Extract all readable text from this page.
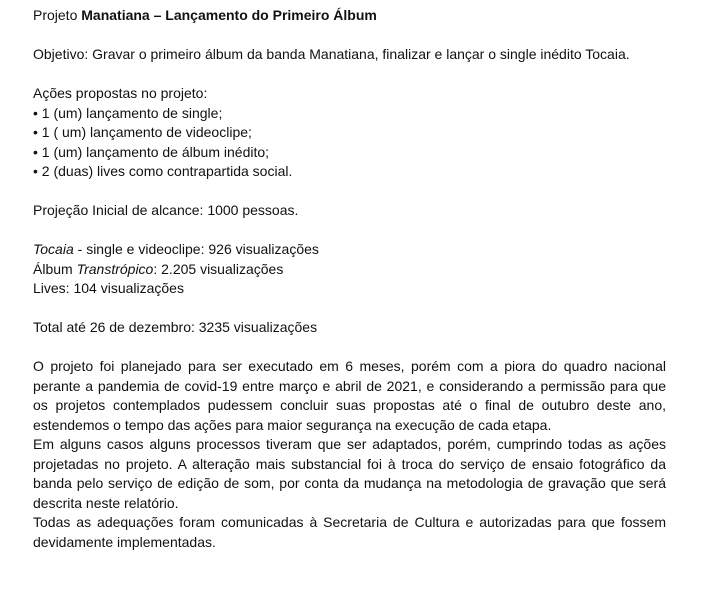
Projeto Manatiana – Lançamento do Primeiro Álbum

Objetivo: Gravar o primeiro álbum da banda Manatiana, finalizar e lançar o single inédito Tocaia.

Ações propostas no projeto:

• 1 (um) lançamento de single;

• 1 ( um) lançamento de videoclipe;

• 1 (um) lançamento de álbum inédito;

• 2 (duas) lives como contrapartida social.

Projeção Inicial de alcance: 1000 pessoas.

Tocaia - single e videoclipe: 926 visualizações

Álbum Transtrópico: 2.205 visualizações

Lives: 104 visualizações

Total até 26 de dezembro: 3235 visualizações

O projeto foi planejado para ser executado em 6 meses, porém com a piora do quadro nacional perante a pandemia de covid-19 entre março e abril de 2021, e considerando a permissão para que os projetos contemplados pudessem concluir suas propostas até o final de outubro deste ano, estendemos o tempo das ações para maior segurança na execução de cada etapa.

Em alguns casos alguns processos tiveram que ser adaptados, porém, cumprindo todas as ações projetadas no projeto. A alteração mais substancial foi à troca do serviço de ensaio fotográfico da banda pelo serviço de edição de som, por conta da mudança na metodologia de gravação que será descrita neste relatório.

Todas as adequações foram comunicadas à Secretaria de Cultura e autorizadas para que fossem devidamente implementadas.
